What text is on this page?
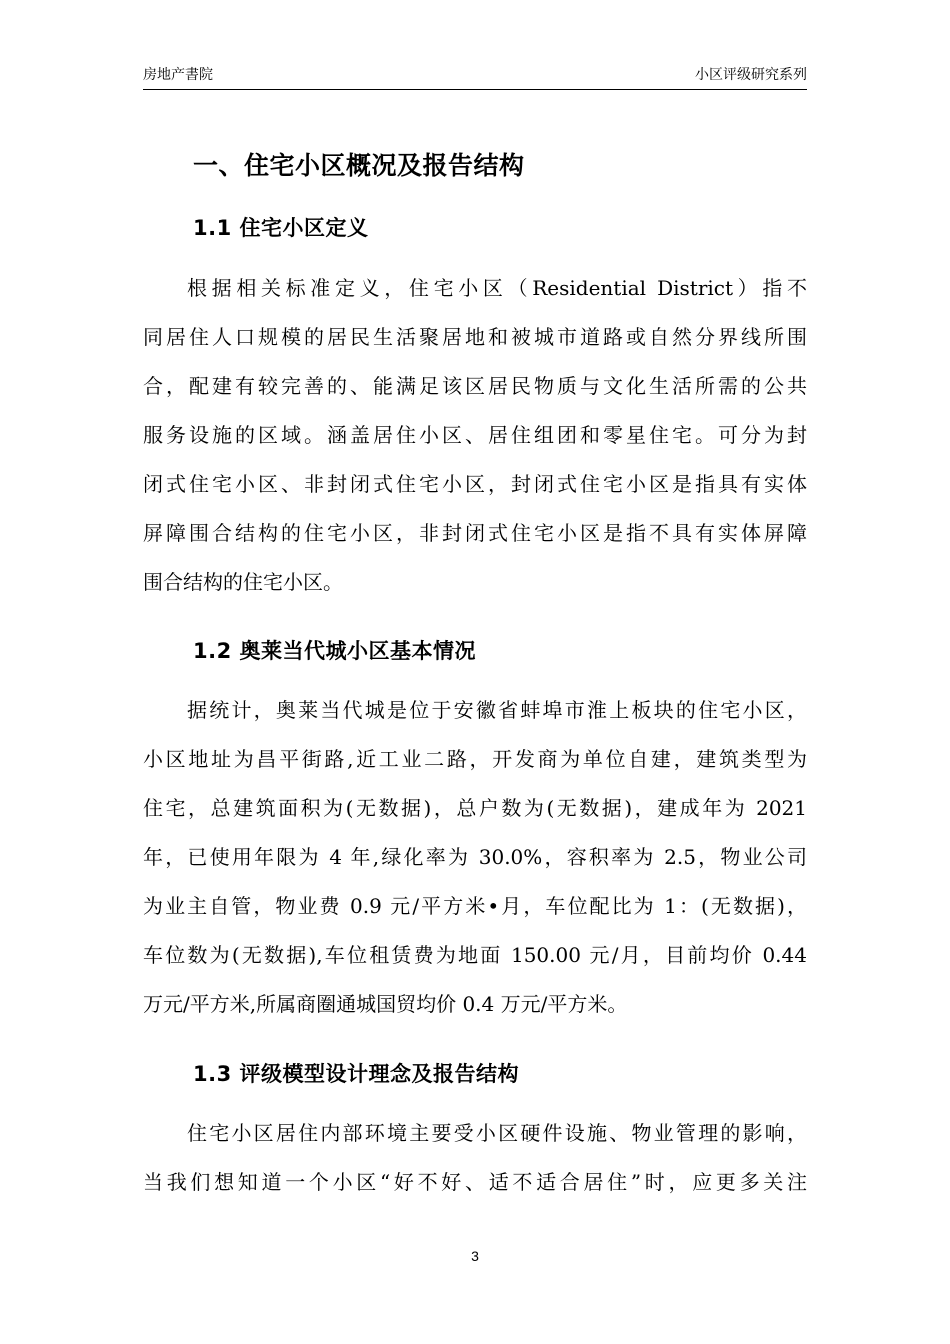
房地产書院	小区评级研究系列
一、住宅小区概况及报告结构
1.1 住宅小区定义
根据相关标准定义，住宅小区（Residential District）指不
同居住人口规模的居民生活聚居地和被城市道路或自然分界线所围
合，配建有较完善的、能满足该区居民物质与文化生活所需的公共
服务设施的区域。涵盖居住小区、居住组团和零星住宅。可分为封
闭式住宅小区、非封闭式住宅小区，封闭式住宅小区是指具有实体
屏障围合结构的住宅小区，非封闭式住宅小区是指不具有实体屏障
围合结构的住宅小区。
1.2 奥莱当代城小区基本情况
据统计，奥莱当代城是位于安徽省蚌埠市淮上板块的住宅小区，
小区地址为昌平街路,近工业二路，开发商为单位自建，建筑类型为
住宅，总建筑面积为(无数据)，总户数为(无数据)，建成年为 2021
年，已使用年限为 4 年,绿化率为 30.0%，容积率为 2.5，物业公司
为业主自管，物业费 0.9 元/平方米•月，车位配比为 1：(无数据)，
车位数为(无数据),车位租赁费为地面 150.00 元/月，目前均价 0.44
万元/平方米,所属商圈通城国贸均价 0.4 万元/平方米。
1.3 评级模型设计理念及报告结构
住宅小区居住内部环境主要受小区硬件设施、物业管理的影响，
当我们想知道一个小区“好不好、适不适合居住”时，应更多关注
3
